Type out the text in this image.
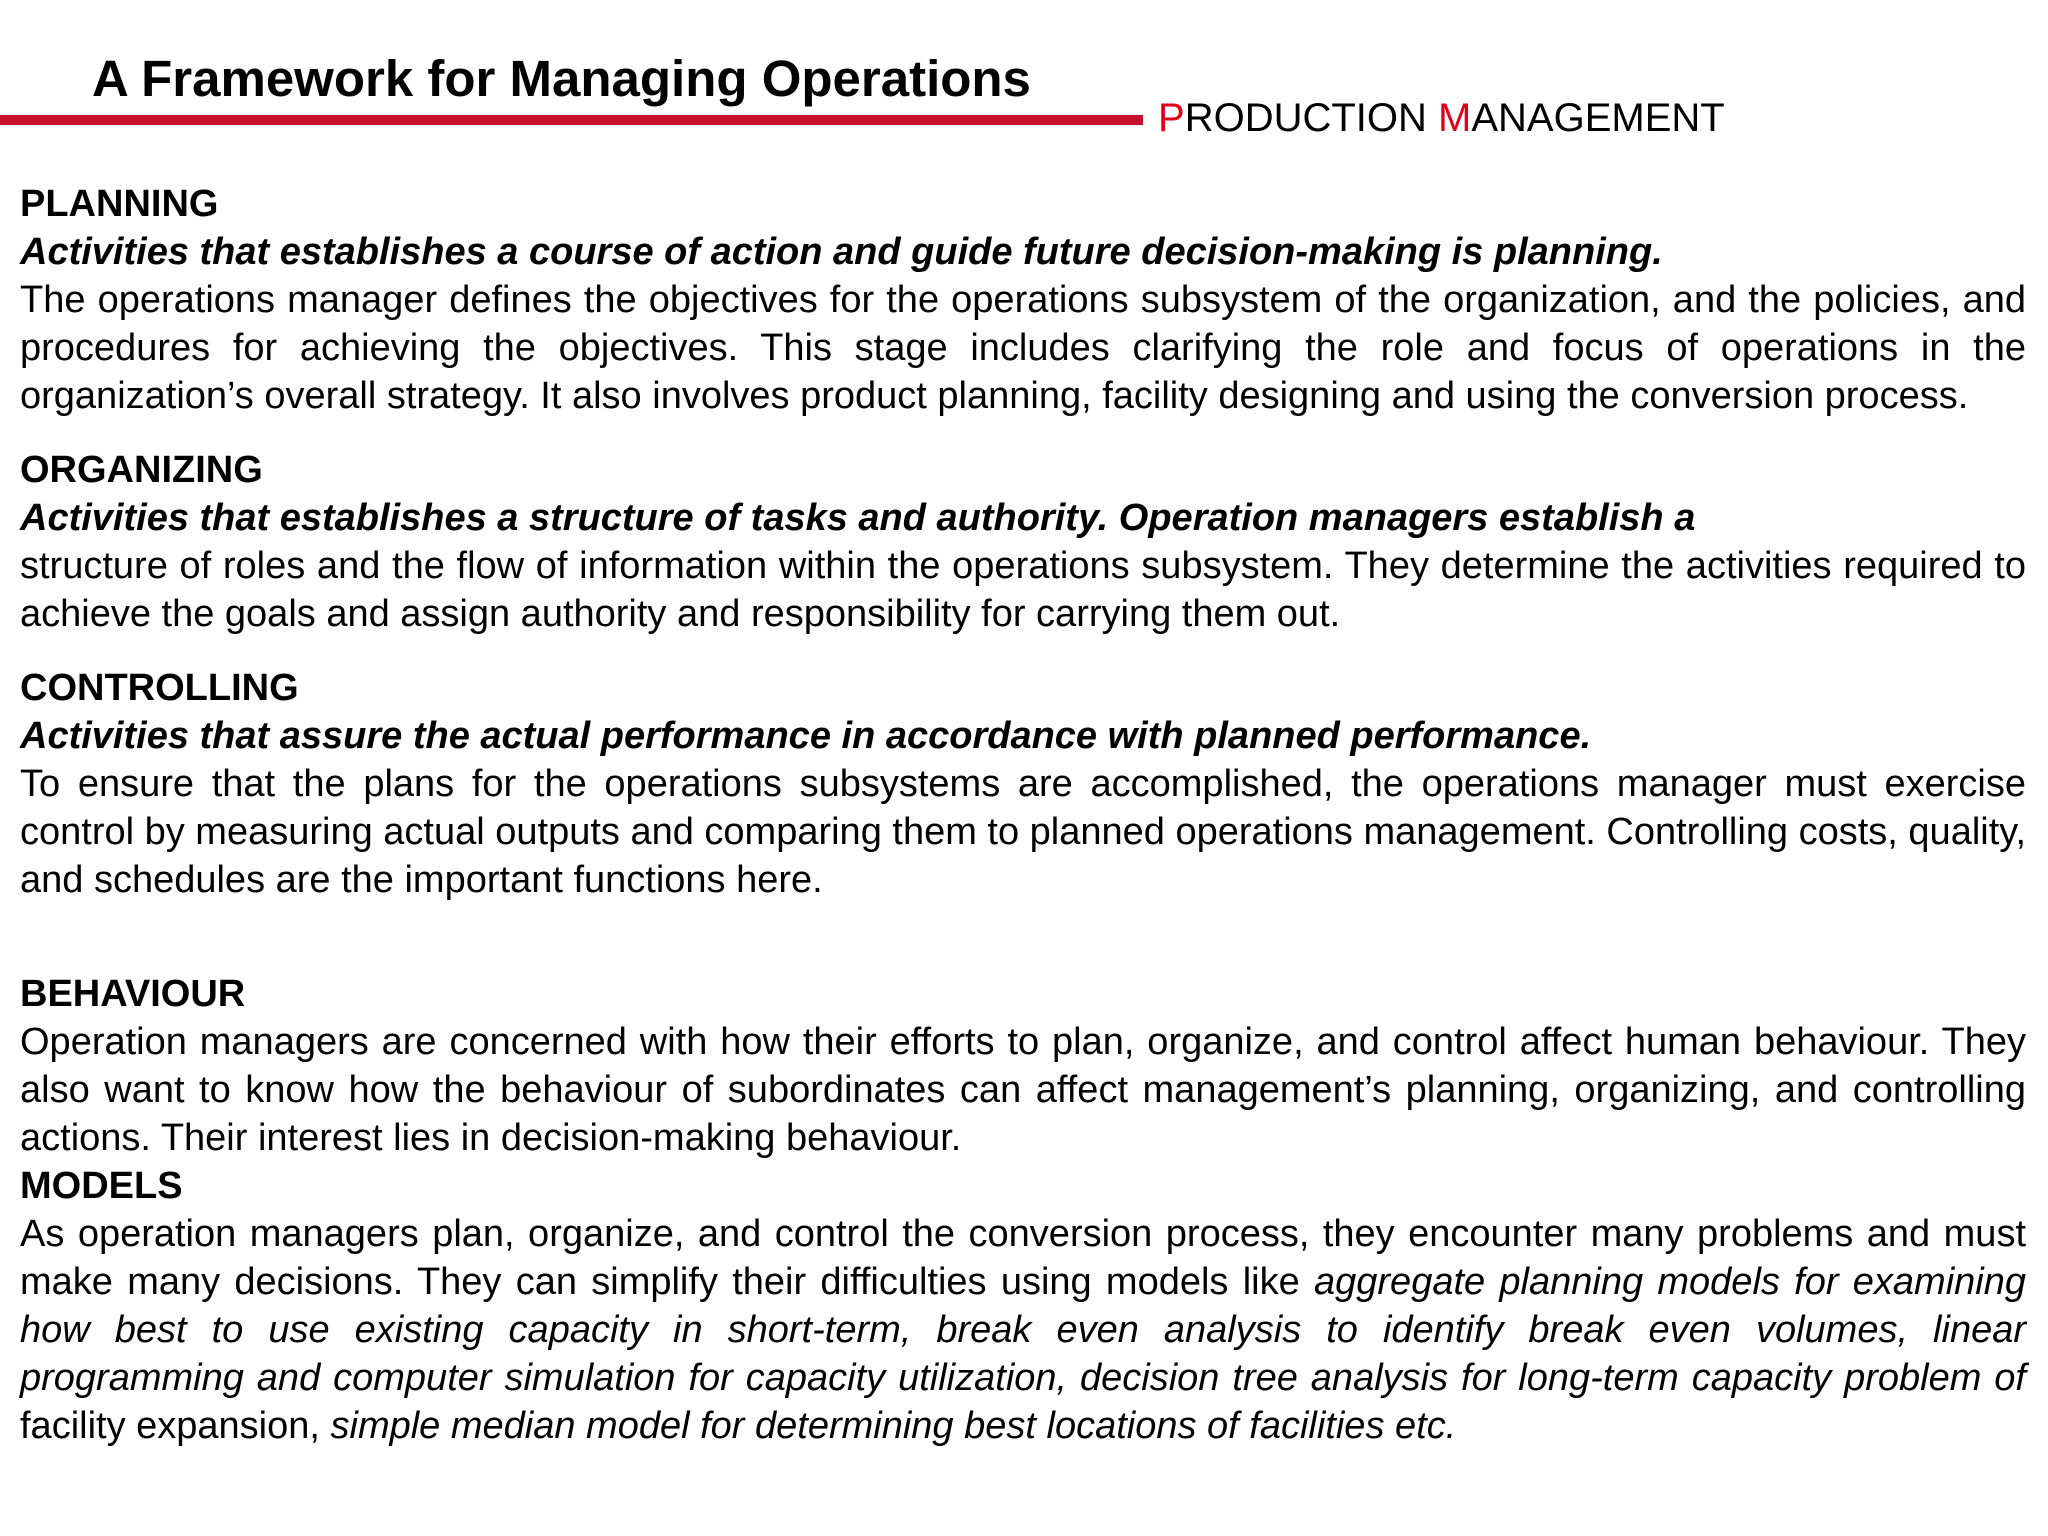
A Framework for Managing Operations
PRODUCTION MANAGEMENT
PLANNING

Activities that establishes a course of action and guide future decision-making is planning.

The operations manager defines the objectives for the operations subsystem of the organization, and the policies, and procedures for achieving the objectives. This stage includes clarifying the role and focus of operations in the organization’s overall strategy. It also involves product planning, facility designing and using the conversion process.

ORGANIZING

Activities that establishes a structure of tasks and authority. Operation managers establish a

structure of roles and the flow of information within the operations subsystem. They determine the activities required to achieve the goals and assign authority and responsibility for carrying them out.

CONTROLLING

Activities that assure the actual performance in accordance with planned performance.

To ensure that the plans for the operations subsystems are accomplished, the operations manager must exercise control by measuring actual outputs and comparing them to planned operations management. Controlling costs, quality, and schedules are the important functions here.

BEHAVIOUR

Operation managers are concerned with how their efforts to plan, organize, and control affect human behaviour. They also want to know how the behaviour of subordinates can affect management’s planning, organizing, and controlling actions. Their interest lies in decision-making behaviour.

MODELS

As operation managers plan, organize, and control the conversion process, they encounter many problems and must make many decisions. They can simplify their difficulties using models like aggregate planning models for examining how best to use existing capacity in short-term, break even analysis to identify break even volumes, linear programming and computer simulation for capacity utilization, decision tree analysis for long-term capacity problem of facility expansion, simple median model for determining best locations of facilities etc.
